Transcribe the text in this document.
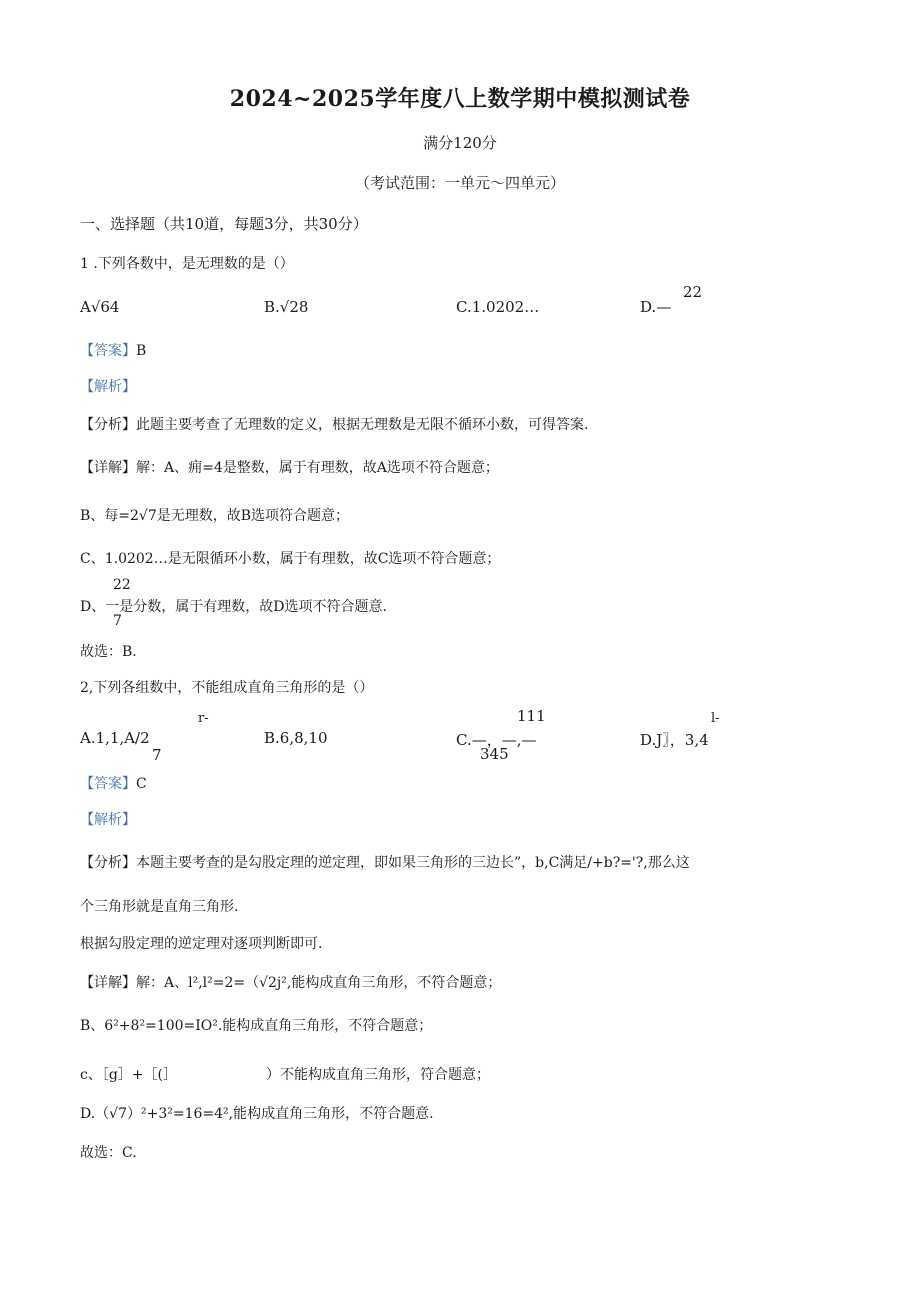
2024~2025学年度八上数学期中模拟测试卷
满分120分
（考试范围：一单元～四单元）
一、选择题（共10道，每题3分，共30分）
1 .下列各数中，是无理数的是（）
A√64	B.√28	C.1.0202…
22
D.—
【答案】B
【解析】
【分析】此题主要考查了无理数的定义，根据无理数是无限不循环小数，可得答案.
【详解】解：A、痈=4是整数，属于有理数，故A选项不符合题意；
B、每=2√7是无理数，故B选项符合题意；
C、1.0202…是无限循环小数，属于有理数，故C选项不符合题意；
22
D、一是分数，属于有理数，故D选项不符合题意.
7
故选：B.
2,下列各组数中，不能组成直角三角形的是（）
A.1,1,A/2
r-
7
B.6,8,10
111
C.—，—,—
345
D.J〗，3,4
l-
【答案】C
【解析】
【分析】本题主要考查的是勾股定理的逆定理，即如果三角形的三边长”，b,C满足/+b?='?,那么这
个三角形就是直角三角形.
根据勾股定理的逆定理对逐项判断即可.
【详解】解：A、l²,l²=2=（√2j²,能构成直角三角形，不符合题意；
B、6²+8²=100=IO².能构成直角三角形，不符合题意；
c、［g］+［(］	）不能构成直角三角形，符合题意；
D.（√7）²+3²=16=4²,能构成直角三角形，不符合题意.
故选：C.
